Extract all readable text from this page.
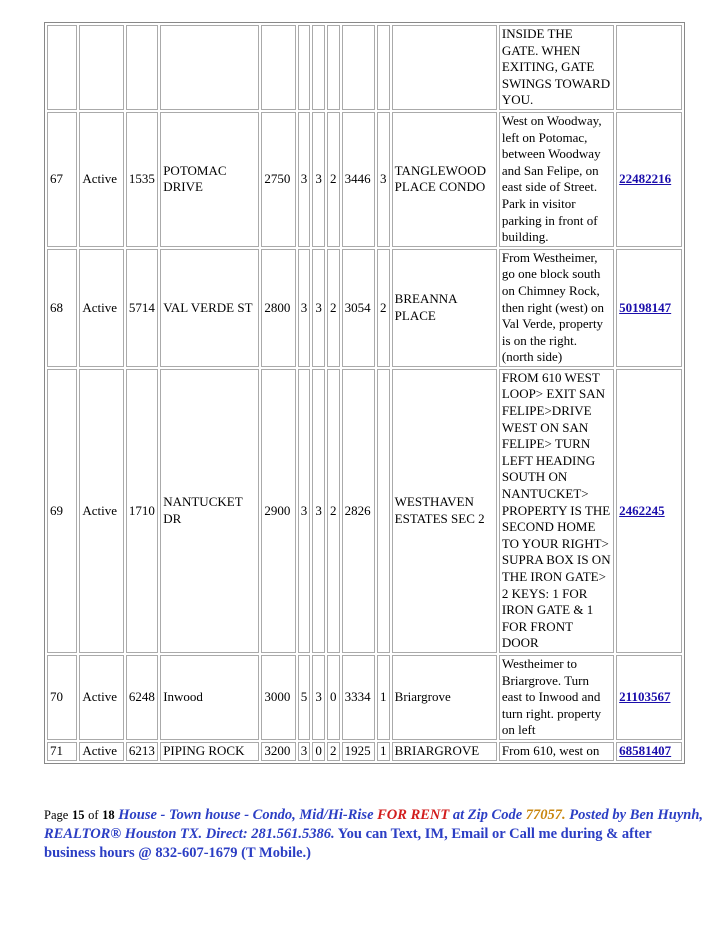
											INSIDE THE GATE. WHEN EXITING, GATE SWINGS TOWARD YOU.	
67	Active	1535	POTOMAC DRIVE	2750	3	3	2	3446	3	TANGLEWOOD PLACE CONDO	West on Woodway, left on Potomac, between Woodway and San Felipe, on east side of Street. Park in visitor parking in front of building.	22482216
68	Active	5714	VAL VERDE ST	2800	3	3	2	3054	2	BREANNA PLACE	From Westheimer, go one block south on Chimney Rock, then right (west) on Val Verde, property is on the right. (north side)	50198147
69	Active	1710	NANTUCKET DR	2900	3	3	2	2826		WESTHAVEN ESTATES SEC 2	FROM 610 WEST LOOP> EXIT SAN FELIPE>DRIVE WEST ON SAN FELIPE> TURN LEFT HEADING SOUTH ON NANTUCKET> PROPERTY IS THE SECOND HOME TO YOUR RIGHT> SUPRA BOX IS ON THE IRON GATE> 2 KEYS: 1 FOR IRON GATE & 1 FOR FRONT DOOR	2462245
70	Active	6248	Inwood	3000	5	3	0	3334	1	Briargrove	Westheimer to Briargrove. Turn east to Inwood and turn right. property on left	21103567
71	Active	6213	PIPING ROCK	3200	3	0	2	1925	1	BRIARGROVE	From 610, west on	68581407
Page 15 of 18 House - Town house - Condo, Mid/Hi-Rise FOR RENT at Zip Code 77057. Posted by Ben Huynh, REALTOR® Houston TX. Direct: 281.561.5386. You can Text, IM, Email or Call me during & after business hours @ 832-607-1679 (T Mobile.)
